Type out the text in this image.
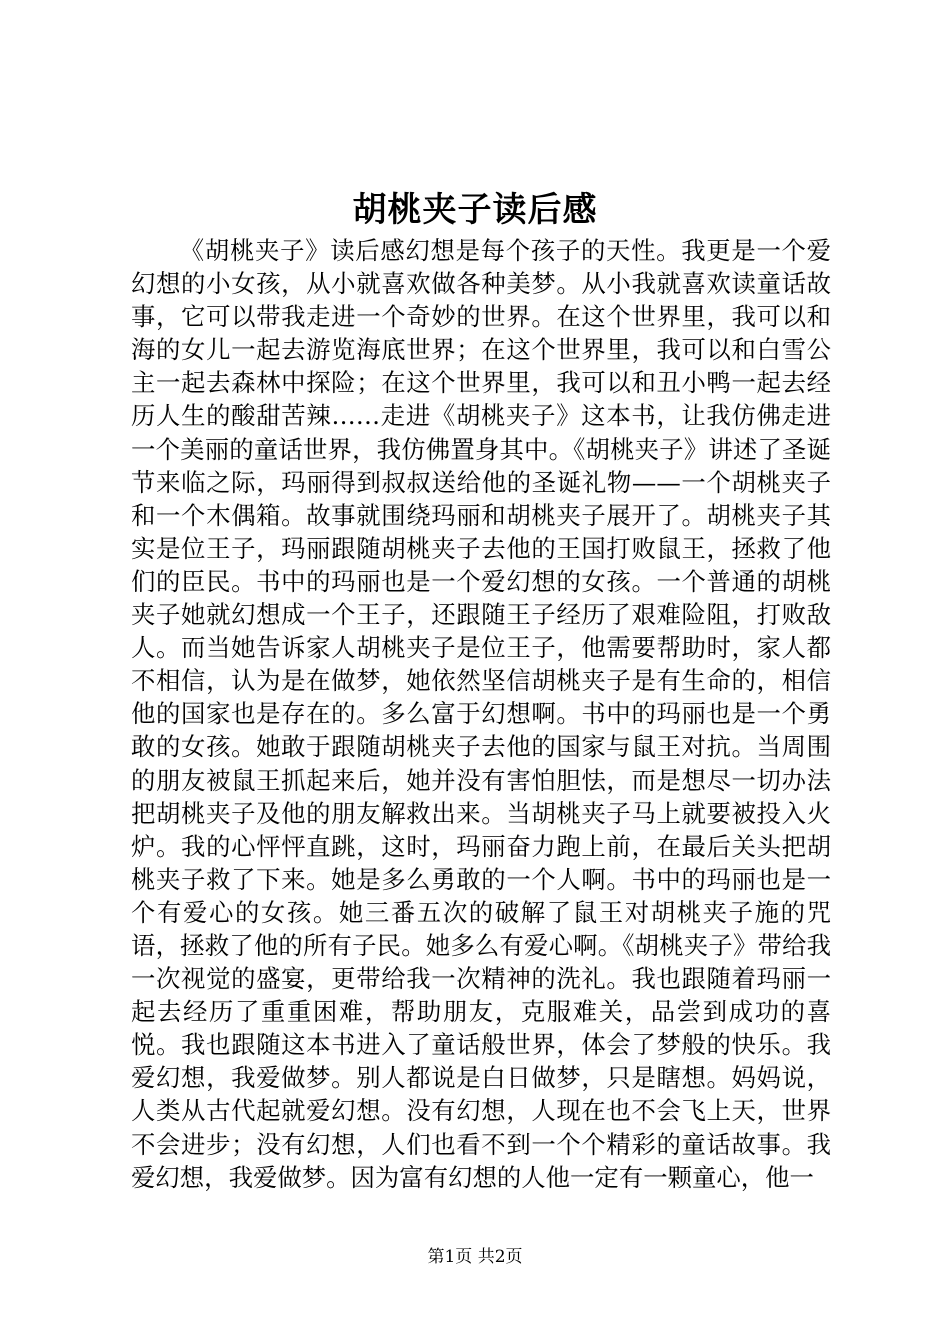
胡桃夹子读后感

《胡桃夹子》读后感幻想是每个孩子的天性。我更是一个爱幻想的小女孩，从小就喜欢做各种美梦。从小我就喜欢读童话故事，它可以带我走进一个奇妙的世界。在这个世界里，我可以和海的女儿一起去游览海底世界；在这个世界里，我可以和白雪公主一起去森林中探险；在这个世界里，我可以和丑小鸭一起去经历人生的酸甜苦辣……走进《胡桃夹子》这本书，让我仿佛走进一个美丽的童话世界，我仿佛置身其中。《胡桃夹子》讲述了圣诞节来临之际，玛丽得到叔叔送给他的圣诞礼物——一个胡桃夹子和一个木偶箱。故事就围绕玛丽和胡桃夹子展开了。胡桃夹子其实是位王子，玛丽跟随胡桃夹子去他的王国打败鼠王，拯救了他们的臣民。书中的玛丽也是一个爱幻想的女孩。一个普通的胡桃夹子她就幻想成一个王子，还跟随王子经历了艰难险阻，打败敌人。而当她告诉家人胡桃夹子是位王子，他需要帮助时，家人都不相信，认为是在做梦，她依然坚信胡桃夹子是有生命的，相信他的国家也是存在的。多么富于幻想啊。书中的玛丽也是一个勇敢的女孩。她敢于跟随胡桃夹子去他的国家与鼠王对抗。当周围的朋友被鼠王抓起来后，她并没有害怕胆怯，而是想尽一切办法把胡桃夹子及他的朋友解救出来。当胡桃夹子马上就要被投入火炉。我的心怦怦直跳，这时，玛丽奋力跑上前，在最后关头把胡桃夹子救了下来。她是多么勇敢的一个人啊。书中的玛丽也是一个有爱心的女孩。她三番五次的破解了鼠王对胡桃夹子施的咒语，拯救了他的所有子民。她多么有爱心啊。《胡桃夹子》带给我一次视觉的盛宴，更带给我一次精神的洗礼。我也跟随着玛丽一起去经历了重重困难，帮助朋友，克服难关，品尝到成功的喜悦。我也跟随这本书进入了童话般世界，体会了梦般的快乐。我爱幻想，我爱做梦。别人都说是白日做梦，只是瞎想。妈妈说，人类从古代起就爱幻想。没有幻想，人现在也不会飞上天，世界不会进步；没有幻想，人们也看不到一个个精彩的童话故事。我爱幻想，我爱做梦。因为富有幻想的人他一定有一颗童心，他一

第1页 共2页
